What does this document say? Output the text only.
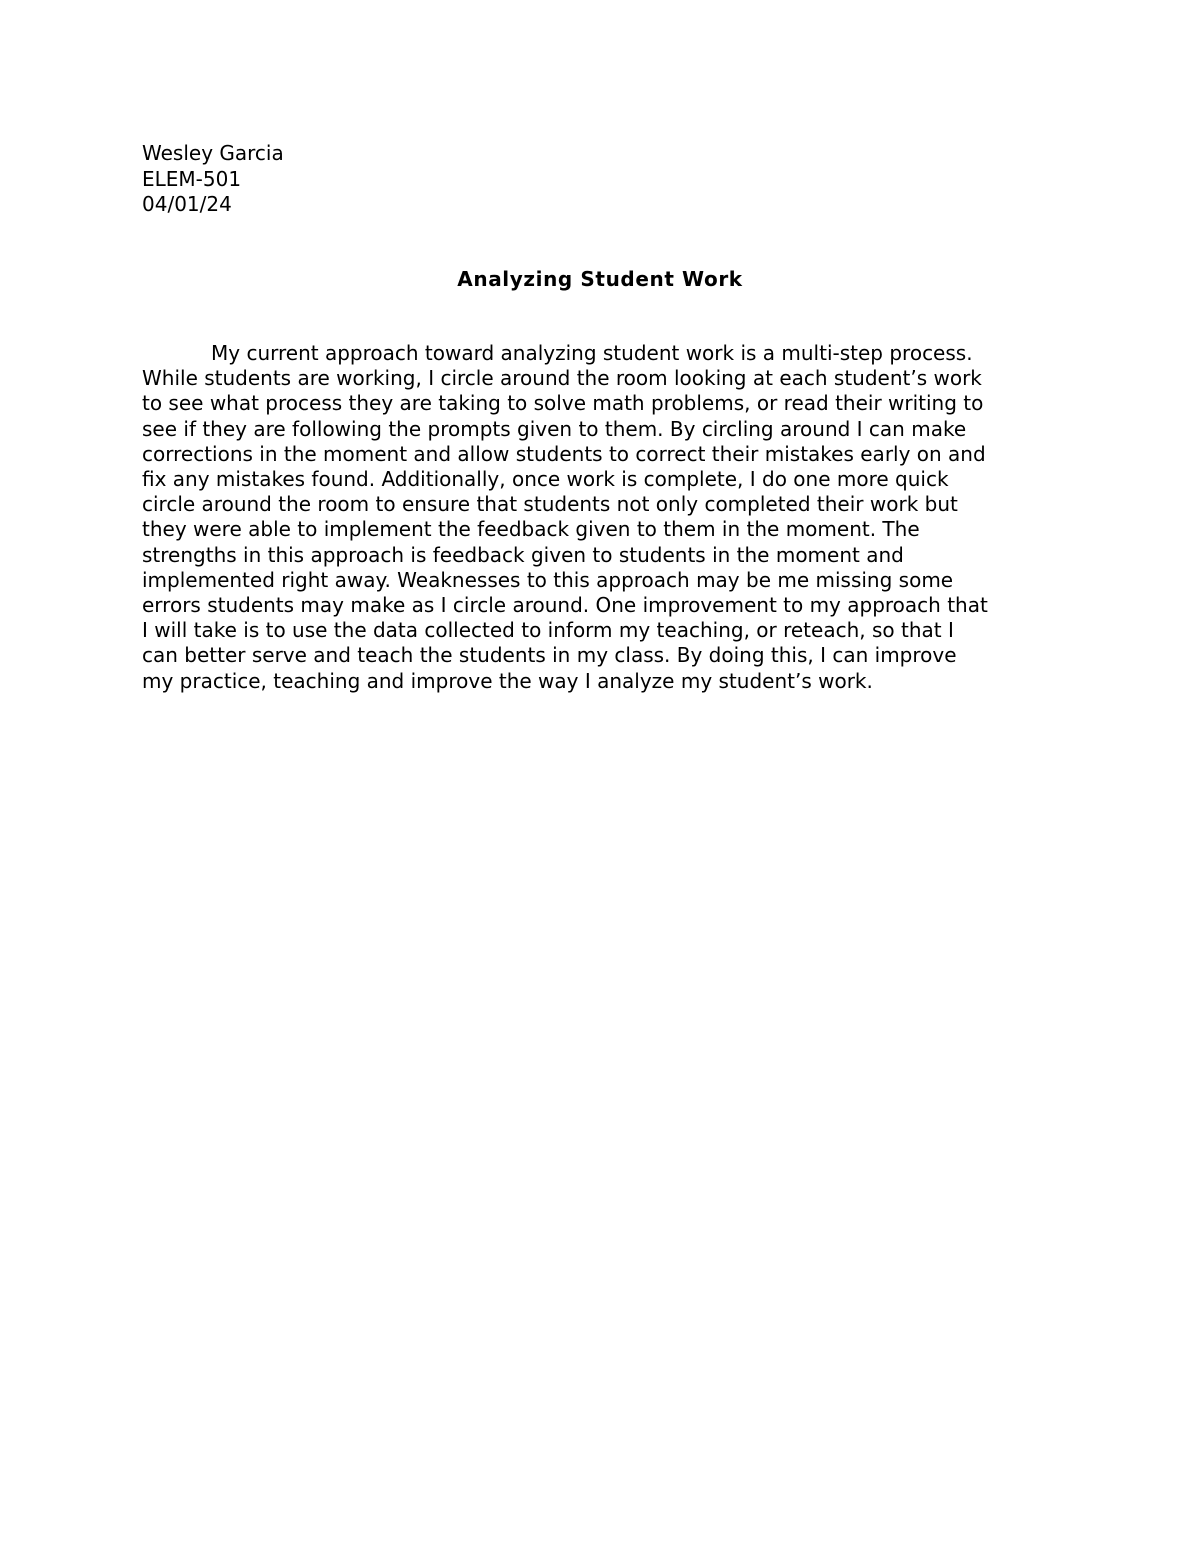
Wesley Garcia
ELEM-501
04/01/24
Analyzing Student Work
My current approach toward analyzing student work is a multi-step process.
While students are working, I circle around the room looking at each student’s work
to see what process they are taking to solve math problems, or read their writing to
see if they are following the prompts given to them. By circling around I can make
corrections in the moment and allow students to correct their mistakes early on and
fix any mistakes found. Additionally, once work is complete, I do one more quick
circle around the room to ensure that students not only completed their work but
they were able to implement the feedback given to them in the moment. The
strengths in this approach is feedback given to students in the moment and
implemented right away. Weaknesses to this approach may be me missing some
errors students may make as I circle around. One improvement to my approach that
I will take is to use the data collected to inform my teaching, or reteach, so that I
can better serve and teach the students in my class. By doing this, I can improve
my practice, teaching and improve the way I analyze my student’s work.
